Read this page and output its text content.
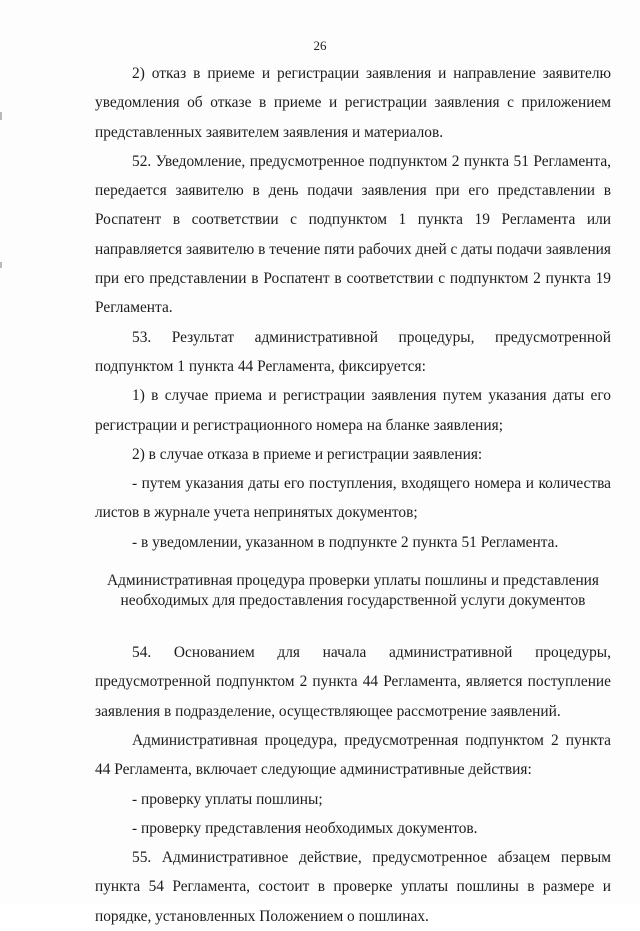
26

2) отказ в приеме и регистрации заявления и направление заявителю уведомления об отказе в приеме и регистрации заявления с приложением представленных заявителем заявления и материалов.

52. Уведомление, предусмотренное подпунктом 2 пункта 51 Регламента, передается заявителю в день подачи заявления при его представлении в Роспатент в соответствии с подпунктом 1 пункта 19 Регламента или направляется заявителю в течение пяти рабочих дней с даты подачи заявления при его представлении в Роспатент в соответствии с подпунктом 2 пункта 19 Регламента.

53. Результат административной процедуры, предусмотренной подпунктом 1 пункта 44 Регламента, фиксируется:

1) в случае приема и регистрации заявления путем указания даты его регистрации и регистрационного номера на бланке заявления;

2) в случае отказа в приеме и регистрации заявления:

- путем указания даты его поступления, входящего номера и количества листов в журнале учета непринятых документов;

- в уведомлении, указанном в подпункте 2 пункта 51 Регламента.

Административная процедура проверки уплаты пошлины и представления необходимых для предоставления государственной услуги документов

54. Основанием для начала административной процедуры, предусмотренной подпунктом 2 пункта 44 Регламента, является поступление заявления в подразделение, осуществляющее рассмотрение заявлений.

Административная процедура, предусмотренная подпунктом 2 пункта 44 Регламента, включает следующие административные действия:

- проверку уплаты пошлины;

- проверку представления необходимых документов.

55. Административное действие, предусмотренное абзацем первым пункта 54 Регламента, состоит в проверке уплаты пошлины в размере и порядке, установленных Положением о пошлинах.
